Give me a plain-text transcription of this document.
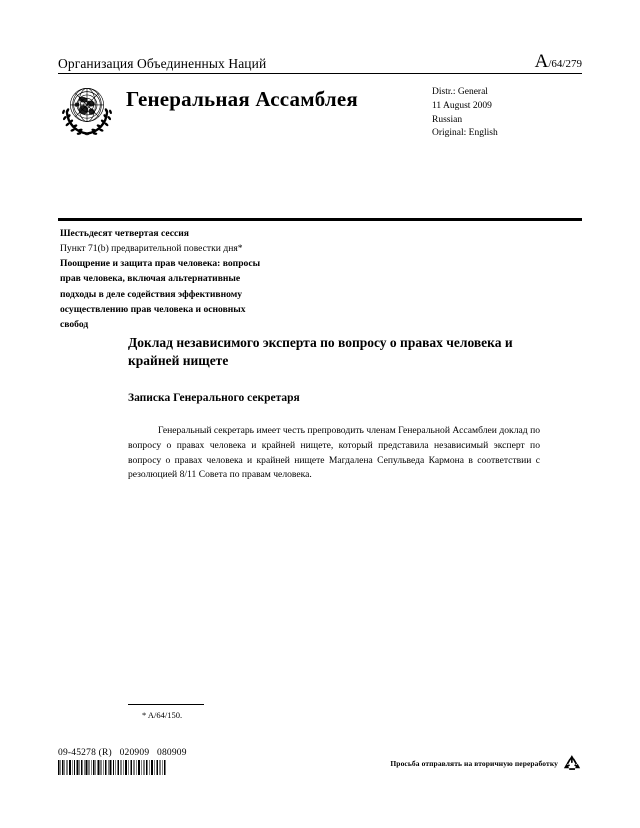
Организация Объединенных Наций	A/64/279
Генеральная Ассамблея	Distr.: General
11 August 2009
Russian
Original: English
Шестьдесят четвертая сессия
Пункт 71(b) предварительной повестки дня*
Поощрение и защита прав человека: вопросы
прав человека, включая альтернативные
подходы в деле содействия эффективному
осуществлению прав человека и основных
свобод
Доклад независимого эксперта по вопросу о правах человека и крайней нищете
Записка Генерального секретаря

Генеральный секретарь имеет честь препроводить членам Генеральной Ассамблеи доклад по вопросу о правах человека и крайней нищете, который представила независимый эксперт по вопросу о правах человека и крайней нищете Магдалена Сепульведа Кармона в соответствии с резолюцией 8/11 Совета по правам человека.

* A/64/150.
09-45278 (R)   020909   080909
Просьба отправлять на вторичную переработку
